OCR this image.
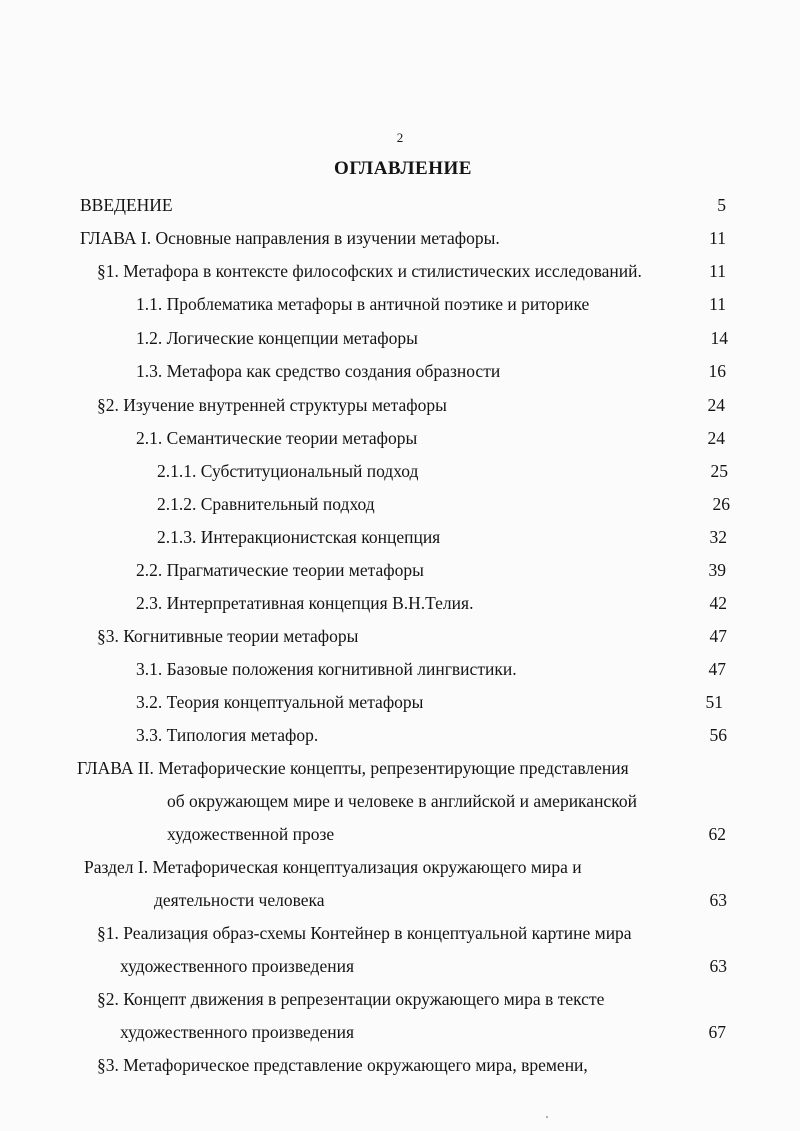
2
ОГЛАВЛЕНИЕ
ВВЕДЕНИЕ	5
ГЛАВА I. Основные направления в изучении метафоры.	11
§1. Метафора в контексте философских и стилистических исследований.	11
1.1. Проблематика метафоры в античной поэтике и риторике	11
1.2. Логические концепции метафоры	14
1.3. Метафора как средство создания образности	16
§2. Изучение внутренней структуры метафоры	24
2.1. Семантические теории метафоры	24
2.1.1. Субституциональный подход	25
2.1.2. Сравнительный подход	26
2.1.3. Интеракционистская концепция	32
2.2. Прагматические теории метафоры	39
2.3. Интерпретативная концепция В.Н.Телия.	42
§3. Когнитивные теории метафоры	47
3.1. Базовые положения когнитивной лингвистики.	47
3.2. Теория концептуальной метафоры	51
3.3. Типология метафор.	56
ГЛАВА II. Метафорические концепты, репрезентирующие представления
об окружающем мире и человеке в английской и американской
художественной прозе	62
Раздел I. Метафорическая концептуализация окружающего мира и
деятельности человека	63
§1. Реализация образ-схемы Контейнер в концептуальной картине мира
художественного произведения	63
§2. Концепт движения в репрезентации окружающего мира в тексте
художественного произведения	67
§3. Метафорическое представление окружающего мира, времени,
